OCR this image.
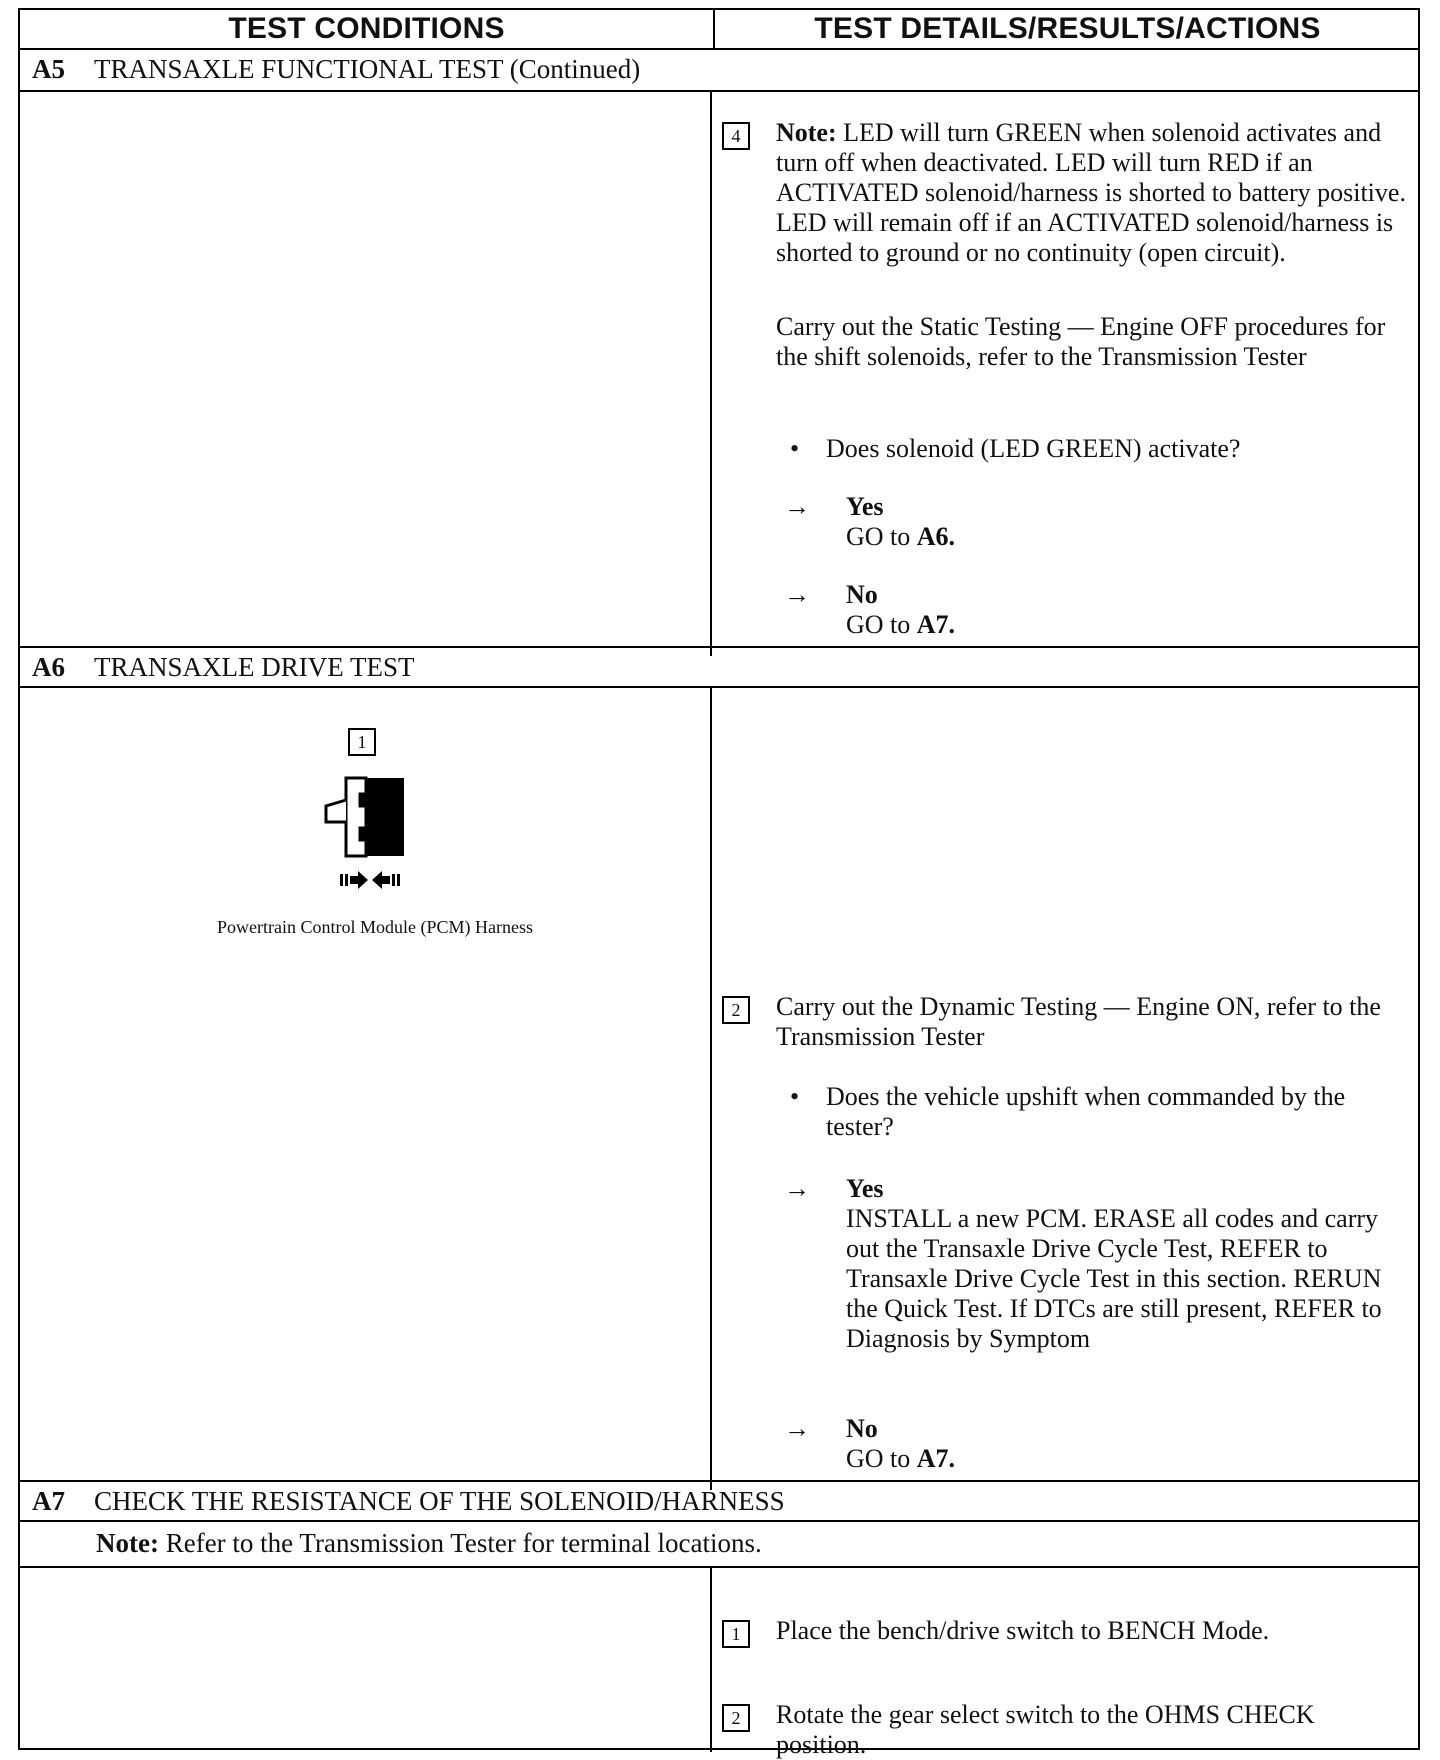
TEST CONDITIONS	TEST DETAILS/RESULTS/ACTIONS
A5 TRANSAXLE FUNCTIONAL TEST (Continued)
4	Note: LED will turn GREEN when solenoid activates and turn off when deactivated. LED will turn RED if an ACTIVATED solenoid/harness is shorted to battery positive. LED will remain off if an ACTIVATED solenoid/harness is shorted to ground or no continuity (open circuit).
Carry out the Static Testing — Engine OFF procedures for the shift solenoids, refer to the Transmission Tester
• Does solenoid (LED GREEN) activate?
→ Yes
GO to A6.
→ No
GO to A7.
A6 TRANSAXLE DRIVE TEST
1
Powertrain Control Module (PCM) Harness
2	Carry out the Dynamic Testing — Engine ON, refer to the Transmission Tester
• Does the vehicle upshift when commanded by the tester?
→ Yes
INSTALL a new PCM. ERASE all codes and carry out the Transaxle Drive Cycle Test, REFER to Transaxle Drive Cycle Test in this section. RERUN the Quick Test. If DTCs are still present, REFER to Diagnosis by Symptom
→ No
GO to A7.
A7 CHECK THE RESISTANCE OF THE SOLENOID/HARNESS
Note: Refer to the Transmission Tester for terminal locations.
1	Place the bench/drive switch to BENCH Mode.
2	Rotate the gear select switch to the OHMS CHECK position.
